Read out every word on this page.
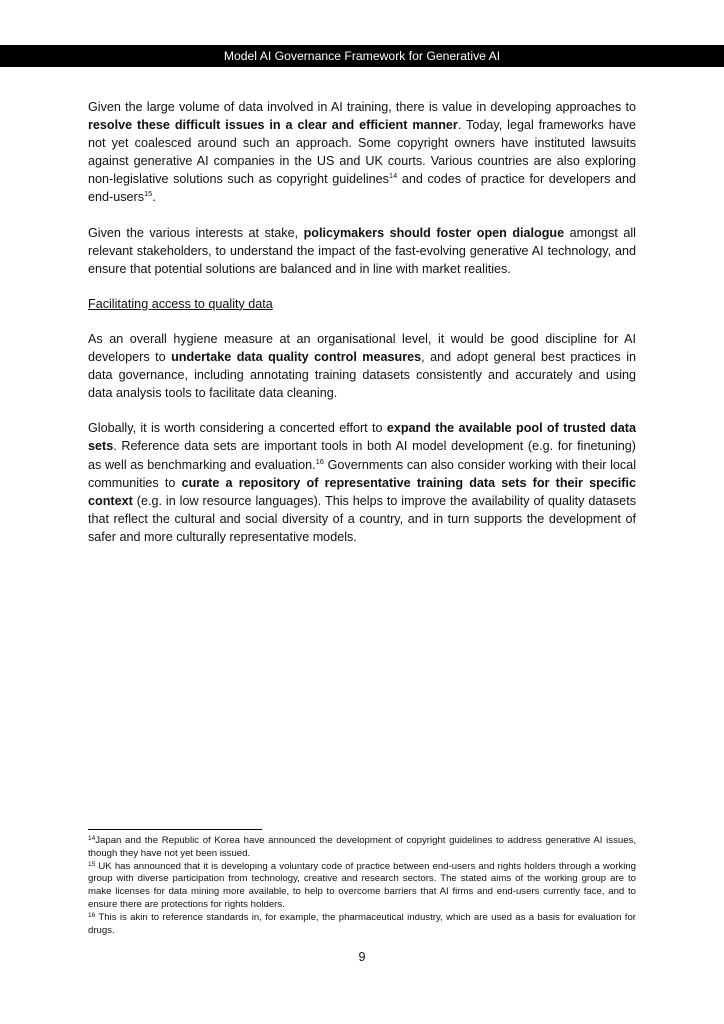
Model AI Governance Framework for Generative AI

Given the large volume of data involved in AI training, there is value in developing approaches to resolve these difficult issues in a clear and efficient manner. Today, legal frameworks have not yet coalesced around such an approach. Some copyright owners have instituted lawsuits against generative AI companies in the US and UK courts. Various countries are also exploring non-legislative solutions such as copyright guidelines$^{14}$ and codes of practice for developers and end-users$^{15}$.

Given the various interests at stake, policymakers should foster open dialogue amongst all relevant stakeholders, to understand the impact of the fast-evolving generative AI technology, and ensure that potential solutions are balanced and in line with market realities.

Facilitating access to quality data

As an overall hygiene measure at an organisational level, it would be good discipline for AI developers to undertake data quality control measures, and adopt general best practices in data governance, including annotating training datasets consistently and accurately and using data analysis tools to facilitate data cleaning.

Globally, it is worth considering a concerted effort to expand the available pool of trusted data sets. Reference data sets are important tools in both AI model development (e.g. for finetuning) as well as benchmarking and evaluation.$^{16}$ Governments can also consider working with their local communities to curate a repository of representative training data sets for their specific context (e.g. in low resource languages). This helps to improve the availability of quality datasets that reflect the cultural and social diversity of a country, and in turn supports the development of safer and more culturally representative models.

$^{14}$Japan and the Republic of Korea have announced the development of copyright guidelines to address generative AI issues, though they have not yet been issued.

$^{15}$ UK has announced that it is developing a voluntary code of practice between end-users and rights holders through a working group with diverse participation from technology, creative and research sectors. The stated aims of the working group are to make licenses for data mining more available, to help to overcome barriers that AI firms and end-users currently face, and to ensure there are protections for rights holders.

$^{16}$ This is akin to reference standards in, for example, the pharmaceutical industry, which are used as a basis for evaluation for drugs.

9
